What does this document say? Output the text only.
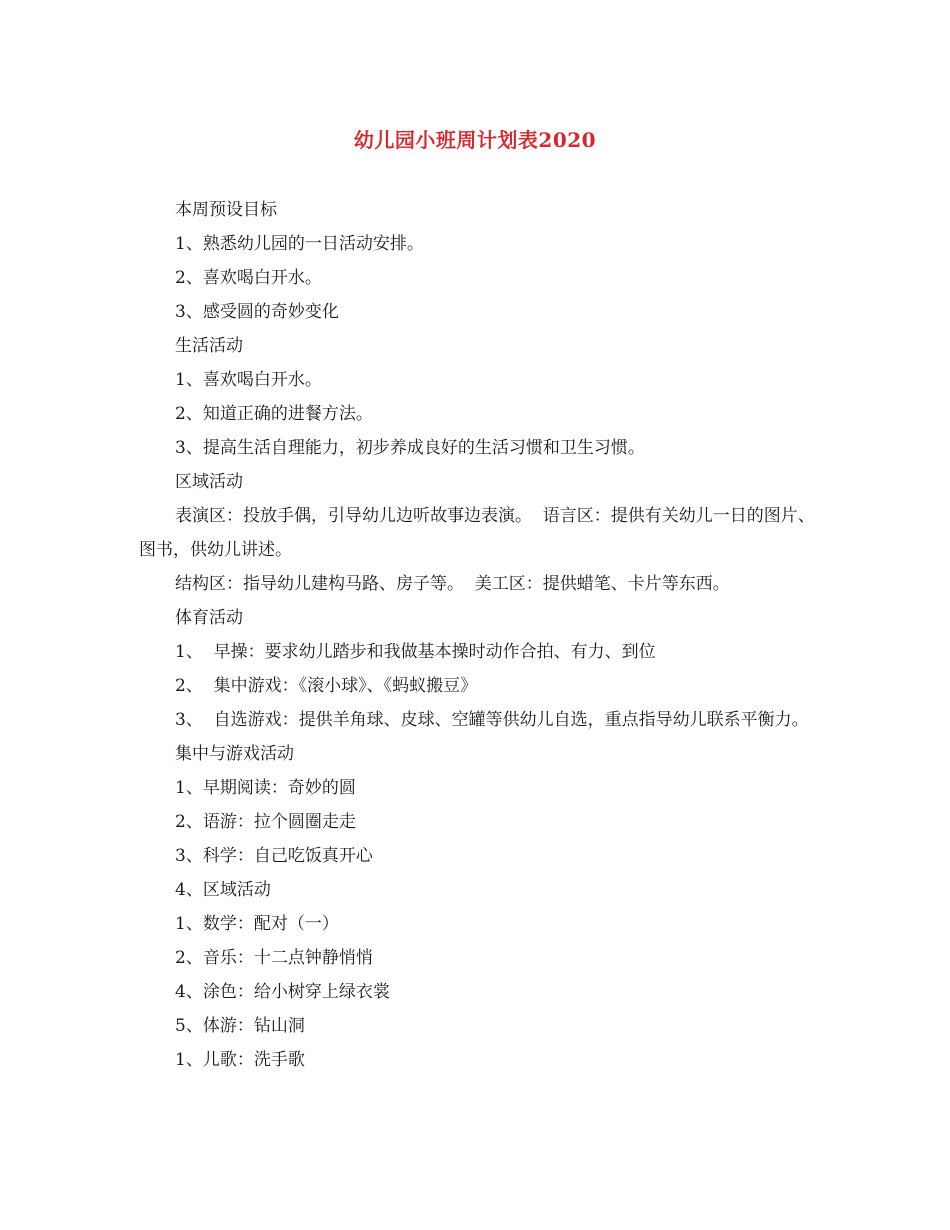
幼儿园小班周计划表2020

本周预设目标

1、熟悉幼儿园的一日活动安排。

2、喜欢喝白开水。

3、感受圆的奇妙变化

生活活动

1、喜欢喝白开水。

2、知道正确的进餐方法。

3、提高生活自理能力，初步养成良好的生活习惯和卫生习惯。

区域活动

表演区：投放手偶，引导幼儿边听故事边表演。  语言区：提供有关幼儿一日的图片、图书，供幼儿讲述。

结构区：指导幼儿建构马路、房子等。  美工区：提供蜡笔、卡片等东西。

体育活动

1、  早操：要求幼儿踏步和我做基本操时动作合拍、有力、到位

2、  集中游戏：《滚小球》、《蚂蚁搬豆》

3、  自选游戏：提供羊角球、皮球、空罐等供幼儿自选，重点指导幼儿联系平衡力。

集中与游戏活动

1、早期阅读：奇妙的圆

2、语游：拉个圆圈走走

3、科学：自己吃饭真开心

4、区域活动

1、数学：配对（一）

2、音乐：十二点钟静悄悄

4、涂色：给小树穿上绿衣裳

5、体游：钻山洞

1、儿歌：洗手歌
